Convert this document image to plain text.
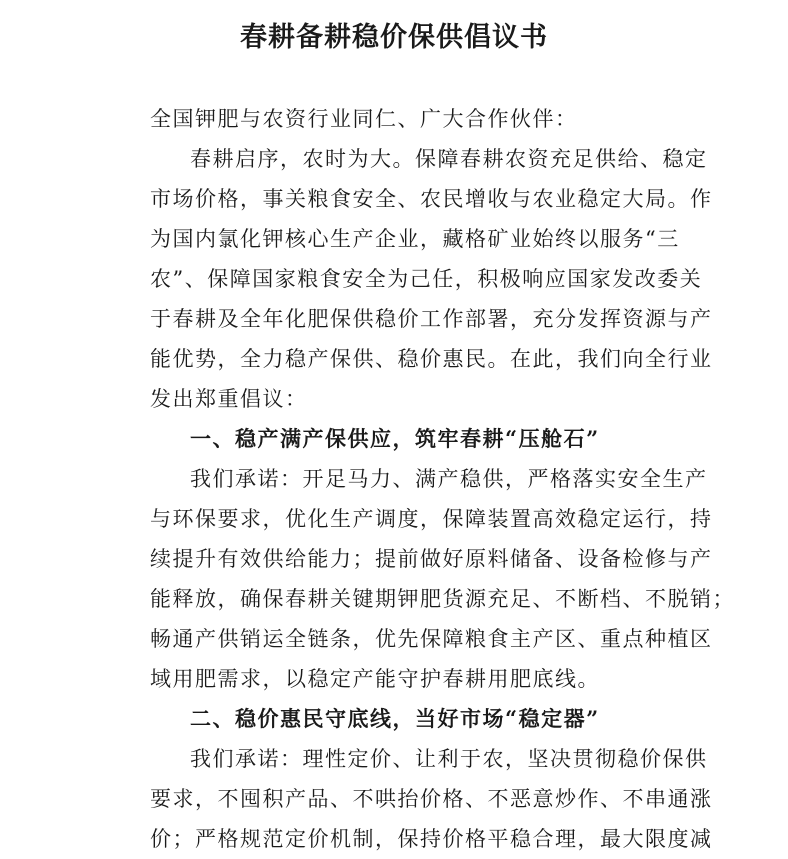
春耕备耕稳价保供倡议书
全国钾肥与农资行业同仁、广大合作伙伴：
春耕启序，农时为大。保障春耕农资充足供给、稳定
市场价格，事关粮食安全、农民增收与农业稳定大局。作
为国内氯化钾核心生产企业，藏格矿业始终以服务“三
农”、保障国家粮食安全为己任，积极响应国家发改委关
于春耕及全年化肥保供稳价工作部署，充分发挥资源与产
能优势，全力稳产保供、稳价惠民。在此，我们向全行业
发出郑重倡议：
一、稳产满产保供应，筑牢春耕“压舱石”
我们承诺：开足马力、满产稳供，严格落实安全生产
与环保要求，优化生产调度，保障装置高效稳定运行，持
续提升有效供给能力；提前做好原料储备、设备检修与产
能释放，确保春耕关键期钾肥货源充足、不断档、不脱销；
畅通产供销运全链条，优先保障粮食主产区、重点种植区
域用肥需求，以稳定产能守护春耕用肥底线。
二、稳价惠民守底线，当好市场“稳定器”
我们承诺：理性定价、让利于农，坚决贯彻稳价保供
要求，不囤积产品、不哄抬价格、不恶意炒作、不串通涨
价；严格规范定价机制，保持价格平稳合理，最大限度减
